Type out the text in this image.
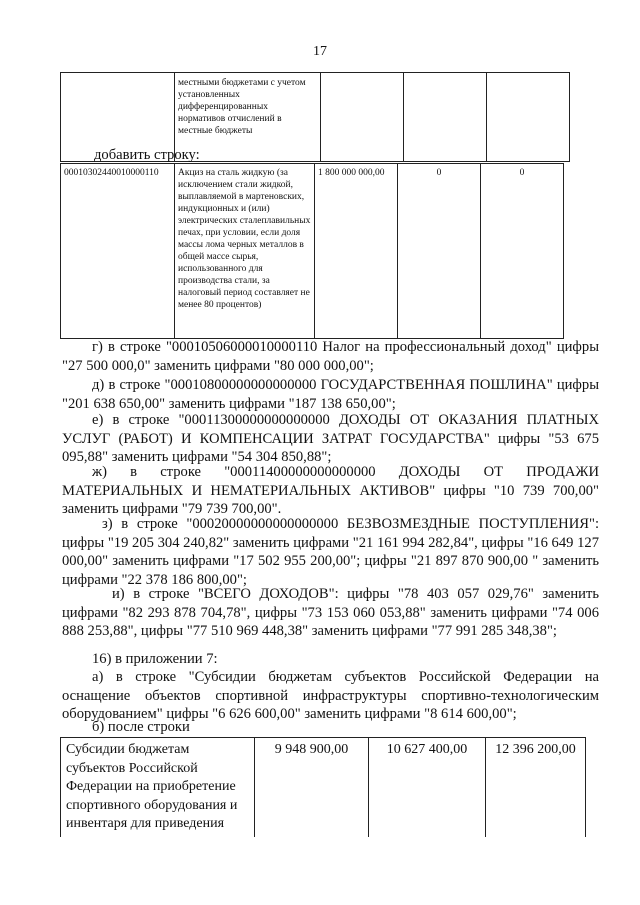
17
	местными бюджетами с учетом установленных дифференцированных нормативов отчислений в местные бюджеты			
добавить строку:
00010302440010000110	Акциз на сталь жидкую (за исключением стали жидкой, выплавляемой в мартеновских, индукционных и (или) электрических сталеплавильных печах, при условии, если доля массы лома черных металлов в общей массе сырья, использованного для производства стали, за налоговый период составляет не менее 80 процентов)	1 800 000 000,00	0	0
г) в строке "00010506000010000110 Налог на профессиональный доход" цифры "27 500 000,0" заменить цифрами "80 000 000,00";
д) в строке "00010800000000000000 ГОСУДАРСТВЕННАЯ ПОШЛИНА" цифры "201 638 650,00" заменить цифрами "187 138 650,00";
е) в строке "00011300000000000000 ДОХОДЫ ОТ ОКАЗАНИЯ ПЛАТНЫХ УСЛУГ (РАБОТ) И КОМПЕНСАЦИИ ЗАТРАТ ГОСУДАРСТВА" цифры "53 675 095,88" заменить цифрами "54 304 850,88";
ж) в строке "00011400000000000000 ДОХОДЫ ОТ ПРОДАЖИ МАТЕРИАЛЬНЫХ И НЕМАТЕРИАЛЬНЫХ АКТИВОВ" цифры "10 739 700,00" заменить цифрами "79 739 700,00".
з) в строке "00020000000000000000 БЕЗВОЗМЕЗДНЫЕ ПОСТУПЛЕНИЯ": цифры "19 205 304 240,82" заменить цифрами "21 161 994 282,84", цифры "16 649 127 000,00" заменить цифрами "17 502 955 200,00"; цифры "21 897 870 900,00 " заменить цифрами "22 378 186 800,00";
и) в строке "ВСЕГО ДОХОДОВ": цифры "78 403 057 029,76" заменить цифрами "82 293 878 704,78", цифры "73 153 060 053,88" заменить цифрами "74 006 888 253,88", цифры "77 510 969 448,38" заменить цифрами "77 991 285 348,38";
16) в приложении 7:
а) в строке "Субсидии бюджетам субъектов Российской Федерации на оснащение объектов спортивной инфраструктуры спортивно-технологическим оборудованием" цифры "6 626 600,00" заменить цифрами "8 614 600,00";
б) после строки
Субсидии бюджетам субъектов Российской Федерации на приобретение спортивного оборудования и инвентаря для приведения	9 948 900,00	10 627 400,00	12 396 200,00
